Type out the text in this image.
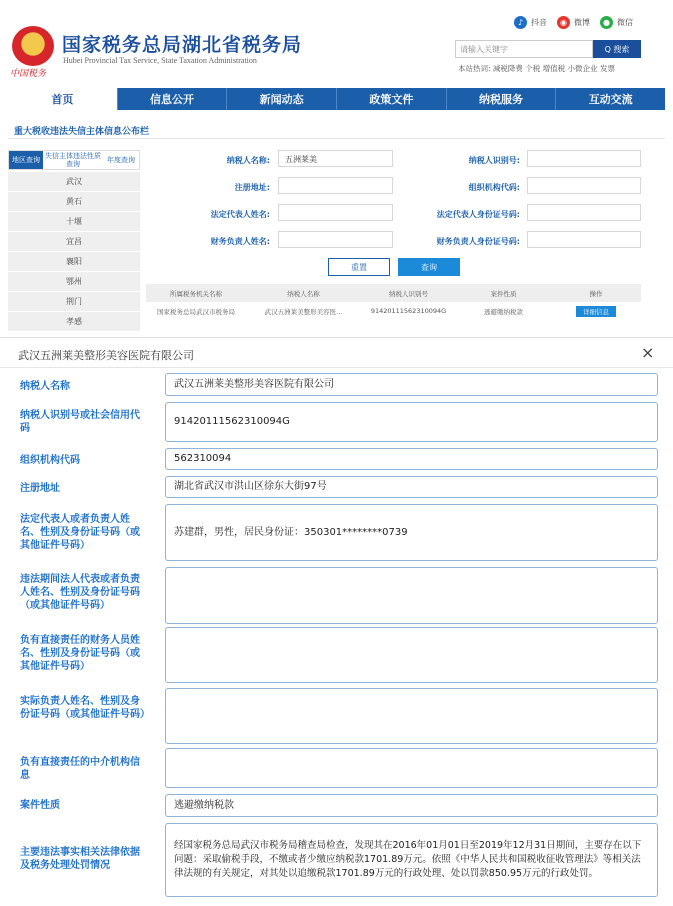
中国税务
国家税务总局湖北省税务局
Hubei Provincial Tax Service, State Taxation Administration
♪ 抖音	◉ 微博	● 微信
请输入关键字	Q 搜索
本站热词: 减税降费 个税 增值税 小微企业 发票
首页	信息公开	新闻动态	政策文件	纳税服务	互动交流
重大税收违法失信主体信息公布栏
地区查询 失信主体违法性质查询	年度查询
武汉
黄石
十堰
宜昌
襄阳
鄂州
荆门
孝感
纳税人名称:	五洲莱美	纳税人识别号:
注册地址:	组织机构代码:
法定代表人姓名:	法定代表人身份证号码:
财务负责人姓名:	财务负责人身份证号码:
重置	查询
所属税务机关名称	纳税人名称	纳税人识别号	案件性质	操作
国家税务总局武汉市税务局	武汉五洲莱美整形美容医...	91420111562310094G	逃避缴纳税款	详细信息
武汉五洲莱美整形美容医院有限公司	×
纳税人名称	武汉五洲莱美整形美容医院有限公司
纳税人识别号或社会信用代码
91420111562310094G
组织机构代码	562310094
注册地址	湖北省武汉市洪山区徐东大街97号
法定代表人或者负责人姓名、性别及身份证号码（或其他证件号码）
苏建群，男性，居民身份证：350301********0739
违法期间法人代表或者负责人姓名、性别及身份证号码（或其他证件号码）
负有直接责任的财务人员姓名、性别及身份证号码（或其他证件号码）
实际负责人姓名、性别及身份证号码（或其他证件号码）
负有直接责任的中介机构信息
案件性质	逃避缴纳税款
主要违法事实相关法律依据及税务处理处罚情况
经国家税务总局武汉市税务局稽查局检查，发现其在2016年01月01日至2019年12月31日期间，主要存在以下问题：采取偷税手段，不缴或者少缴应纳税款1701.89万元。依照《中华人民共和国税收征收管理法》等相关法律法规的有关规定，对其处以追缴税款1701.89万元的行政处理、处以罚款850.95万元的行政处罚。
